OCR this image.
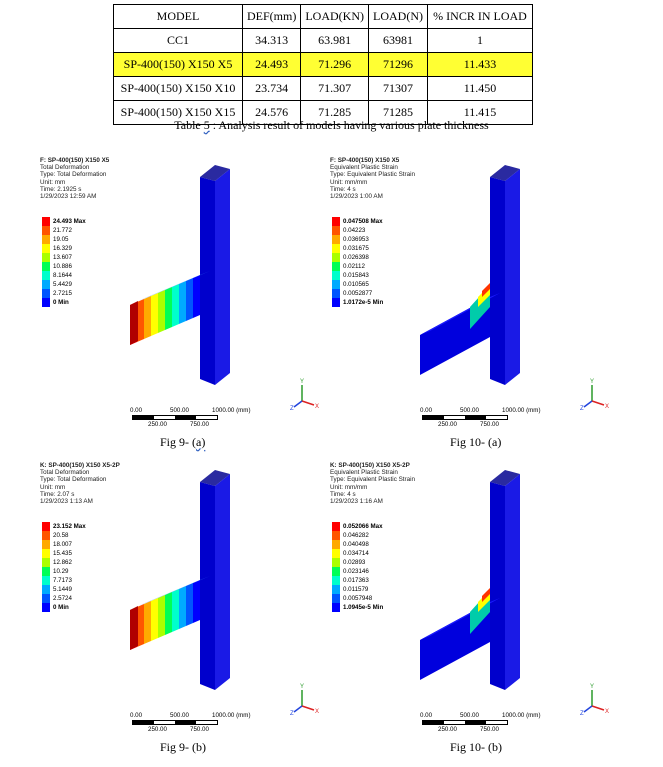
MODEL	DEF(mm)	LOAD(KN)	LOAD(N)	% INCR IN LOAD
CC1	34.313	63.981	63981	1
SP-400(150) X150 X5	24.493	71.296	71296	11.433
SP-400(150) X150 X10	23.734	71.307	71307	11.450
SP-400(150) X150 X15	24.576	71.285	71285	11.415
Table 5 : Analysis result of models having various plate thickness
F: SP-400(150) X150 X5
Total Deformation
Type: Total Deformation
Unit: mm
Time: 2.1925 s
1/29/2023 12:59 AM
24.493 Max
21.772
19.05
16.329
13.607
10.886
8.1644
5.4429
2.7215
0 Min
Y
X
Z
0.00	500.00	1000.00 (mm)
250.00	750.00
Fig 9- (a)
F: SP-400(150) X150 X5
Equivalent Plastic Strain
Type: Equivalent Plastic Strain
Unit: mm/mm
Time: 4 s
1/29/2023 1:00 AM
0.047508 Max
0.04223
0.036953
0.031675
0.026398
0.02112
0.015843
0.010565
0.0052877
1.0172e-5 Min
Y
X
Z
0.00	500.00	1000.00 (mm)
250.00	750.00
Fig 10- (a)
K: SP-400(150) X150 X5-2P
Total Deformation
Type: Total Deformation
Unit: mm
Time: 2.07 s
1/29/2023 1:13 AM
23.152 Max
20.58
18.007
15.435
12.862
10.29
7.7173
5.1449
2.5724
0 Min
Y
X
Z
0.00	500.00	1000.00 (mm)
250.00	750.00
Fig 9- (b)
K: SP-400(150) X150 X5-2P
Equivalent Plastic Strain
Type: Equivalent Plastic Strain
Unit: mm/mm
Time: 4 s
1/29/2023 1:16 AM
0.052066 Max
0.046282
0.040498
0.034714
0.02893
0.023146
0.017363
0.011579
0.0057948
1.0945e-5 Min
Y
X
Z
0.00	500.00	1000.00 (mm)
250.00	750.00
Fig 10- (b)
